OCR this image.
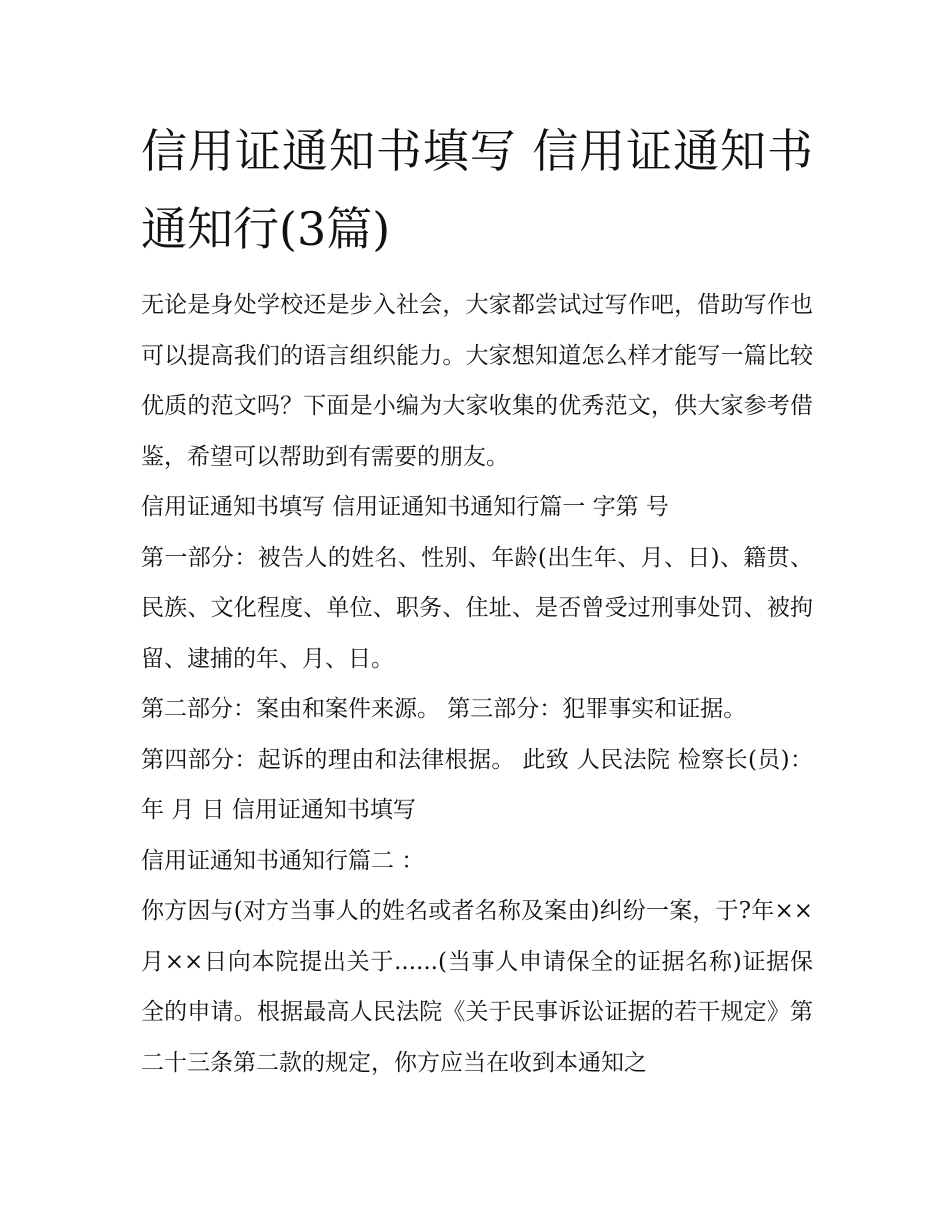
信用证通知书填写 信用证通知书通知行(3篇)

无论是身处学校还是步入社会，大家都尝试过写作吧，借助写作也可以提高我们的语言组织能力。大家想知道怎么样才能写一篇比较优质的范文吗？下面是小编为大家收集的优秀范文，供大家参考借鉴，希望可以帮助到有需要的朋友。

信用证通知书填写 信用证通知书通知行篇一 字第 号

第一部分：被告人的姓名、性别、年龄(出生年、月、日)、籍贯、民族、文化程度、单位、职务、住址、是否曾受过刑事处罚、被拘留、逮捕的年、月、日。

第二部分：案由和案件来源。 第三部分：犯罪事实和证据。

第四部分：起诉的理由和法律根据。 此致 人民法院 检察长(员)： 年 月 日 信用证通知书填写

信用证通知书通知行篇二 ：

你方因与(对方当事人的姓名或者名称及案由)纠纷一案，于?年××月××日向本院提出关于......(当事人申请保全的证据名称)证据保全的申请。根据最高人民法院《关于民事诉讼证据的若干规定》第二十三条第二款的规定，你方应当在收到本通知之
